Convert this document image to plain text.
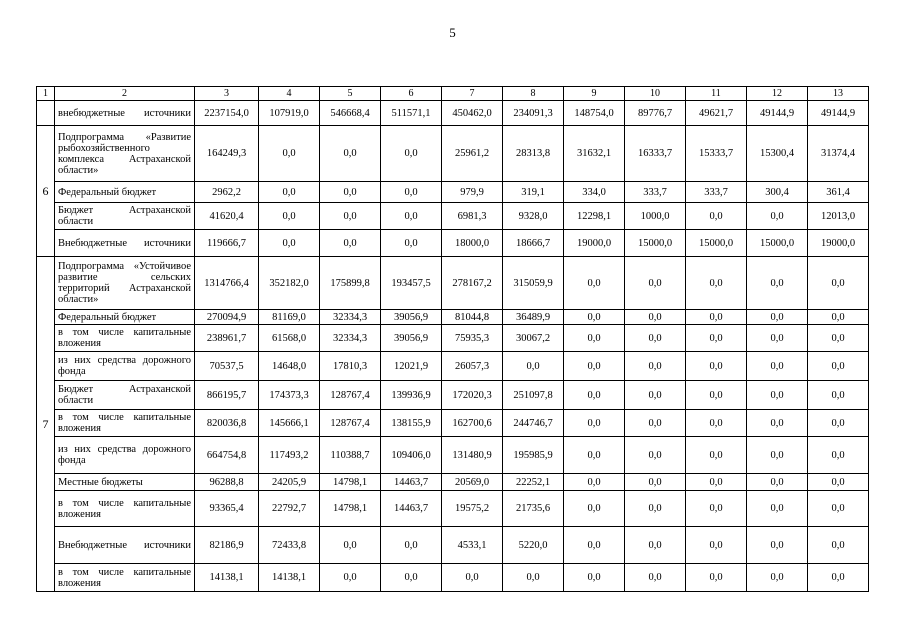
5
1	2	3	4	5	6	7	8	9	10	11	12	13
	внебюджетные источники	2237154,0	107919,0	546668,4	511571,1	450462,0	234091,3	148754,0	89776,7	49621,7	49144,9	49144,9
6	Подпрограмма «Развитие рыбохозяйственного комплекса Астраханской области»	164249,3	0,0	0,0	0,0	25961,2	28313,8	31632,1	16333,7	15333,7	15300,4	31374,4
	Федеральный бюджет	2962,2	0,0	0,0	0,0	979,9	319,1	334,0	333,7	333,7	300,4	361,4
	Бюджет Астраханской области	41620,4	0,0	0,0	0,0	6981,3	9328,0	12298,1	1000,0	0,0	0,0	12013,0
	Внебюджетные источники	119666,7	0,0	0,0	0,0	18000,0	18666,7	19000,0	15000,0	15000,0	15000,0	19000,0
7	Подпрограмма «Устойчивое развитие сельских территорий Астраханской области»	1314766,4	352182,0	175899,8	193457,5	278167,2	315059,9	0,0	0,0	0,0	0,0	0,0
	Федеральный бюджет	270094,9	81169,0	32334,3	39056,9	81044,8	36489,9	0,0	0,0	0,0	0,0	0,0
	в том числе капитальные вложения	238961,7	61568,0	32334,3	39056,9	75935,3	30067,2	0,0	0,0	0,0	0,0	0,0
	из них средства дорожного фонда	70537,5	14648,0	17810,3	12021,9	26057,3	0,0	0,0	0,0	0,0	0,0	0,0
	Бюджет Астраханской области	866195,7	174373,3	128767,4	139936,9	172020,3	251097,8	0,0	0,0	0,0	0,0	0,0
	в том числе капитальные вложения	820036,8	145666,1	128767,4	138155,9	162700,6	244746,7	0,0	0,0	0,0	0,0	0,0
	из них средства дорожного фонда	664754,8	117493,2	110388,7	109406,0	131480,9	195985,9	0,0	0,0	0,0	0,0	0,0
	Местные бюджеты	96288,8	24205,9	14798,1	14463,7	20569,0	22252,1	0,0	0,0	0,0	0,0	0,0
	в том числе капитальные вложения	93365,4	22792,7	14798,1	14463,7	19575,2	21735,6	0,0	0,0	0,0	0,0	0,0
	Внебюджетные источники	82186,9	72433,8	0,0	0,0	4533,1	5220,0	0,0	0,0	0,0	0,0	0,0
	в том числе капитальные вложения	14138,1	14138,1	0,0	0,0	0,0	0,0	0,0	0,0	0,0	0,0	0,0
